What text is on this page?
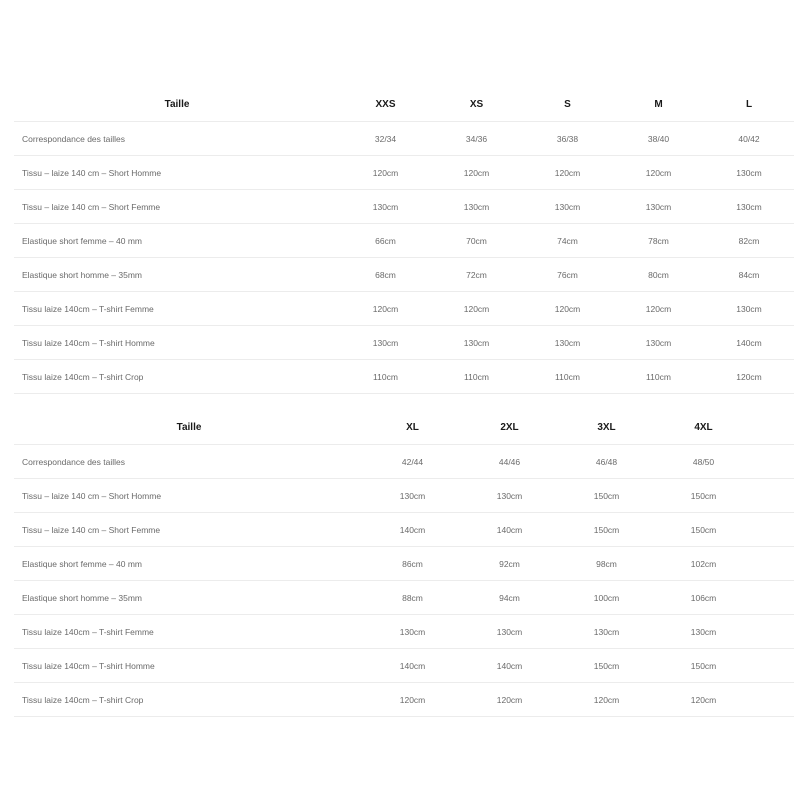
Taille	XXS	XS	S	M	L
Correspondance des tailles	32/34	34/36	36/38	38/40	40/42
Tissu – laize 140 cm – Short Homme	120cm	120cm	120cm	120cm	130cm
Tissu – laize 140 cm – Short Femme	130cm	130cm	130cm	130cm	130cm
Elastique short femme – 40 mm	66cm	70cm	74cm	78cm	82cm
Elastique short homme – 35mm	68cm	72cm	76cm	80cm	84cm
Tissu laize 140cm – T-shirt Femme	120cm	120cm	120cm	120cm	130cm
Tissu laize 140cm – T-shirt Homme	130cm	130cm	130cm	130cm	140cm
Tissu laize 140cm – T-shirt Crop	110cm	110cm	110cm	110cm	120cm
Taille	XL	2XL	3XL	4XL	
Correspondance des tailles	42/44	44/46	46/48	48/50	
Tissu – laize 140 cm – Short Homme	130cm	130cm	150cm	150cm	
Tissu – laize 140 cm – Short Femme	140cm	140cm	150cm	150cm	
Elastique short femme – 40 mm	86cm	92cm	98cm	102cm	
Elastique short homme – 35mm	88cm	94cm	100cm	106cm	
Tissu laize 140cm – T-shirt Femme	130cm	130cm	130cm	130cm	
Tissu laize 140cm – T-shirt Homme	140cm	140cm	150cm	150cm	
Tissu laize 140cm – T-shirt Crop	120cm	120cm	120cm	120cm	
